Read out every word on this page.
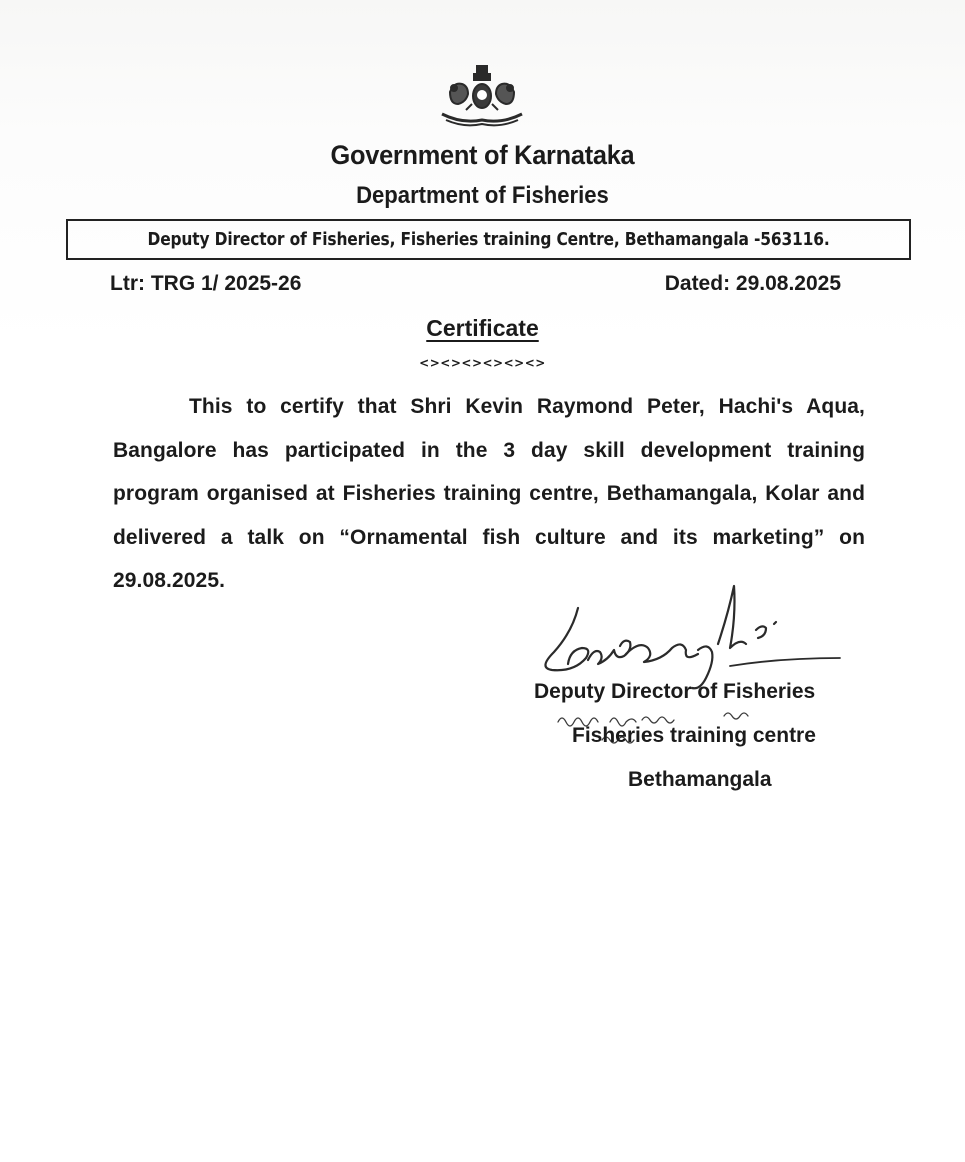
Government of Karnataka
Department of Fisheries
Deputy Director of Fisheries, Fisheries training Centre, Bethamangala -563116.
Ltr: TRG 1/ 2025-26	Dated: 29.08.2025
Certificate
<><><><><><>
This to certify that Shri Kevin Raymond Peter, Hachi's Aqua, Bangalore has participated in the 3 day skill development training program organised at Fisheries training centre, Bethamangala, Kolar and delivered a talk on “Ornamental fish culture and its marketing” on 29.08.2025.
Deputy Director of Fisheries
Fisheries training centre
Bethamangala
